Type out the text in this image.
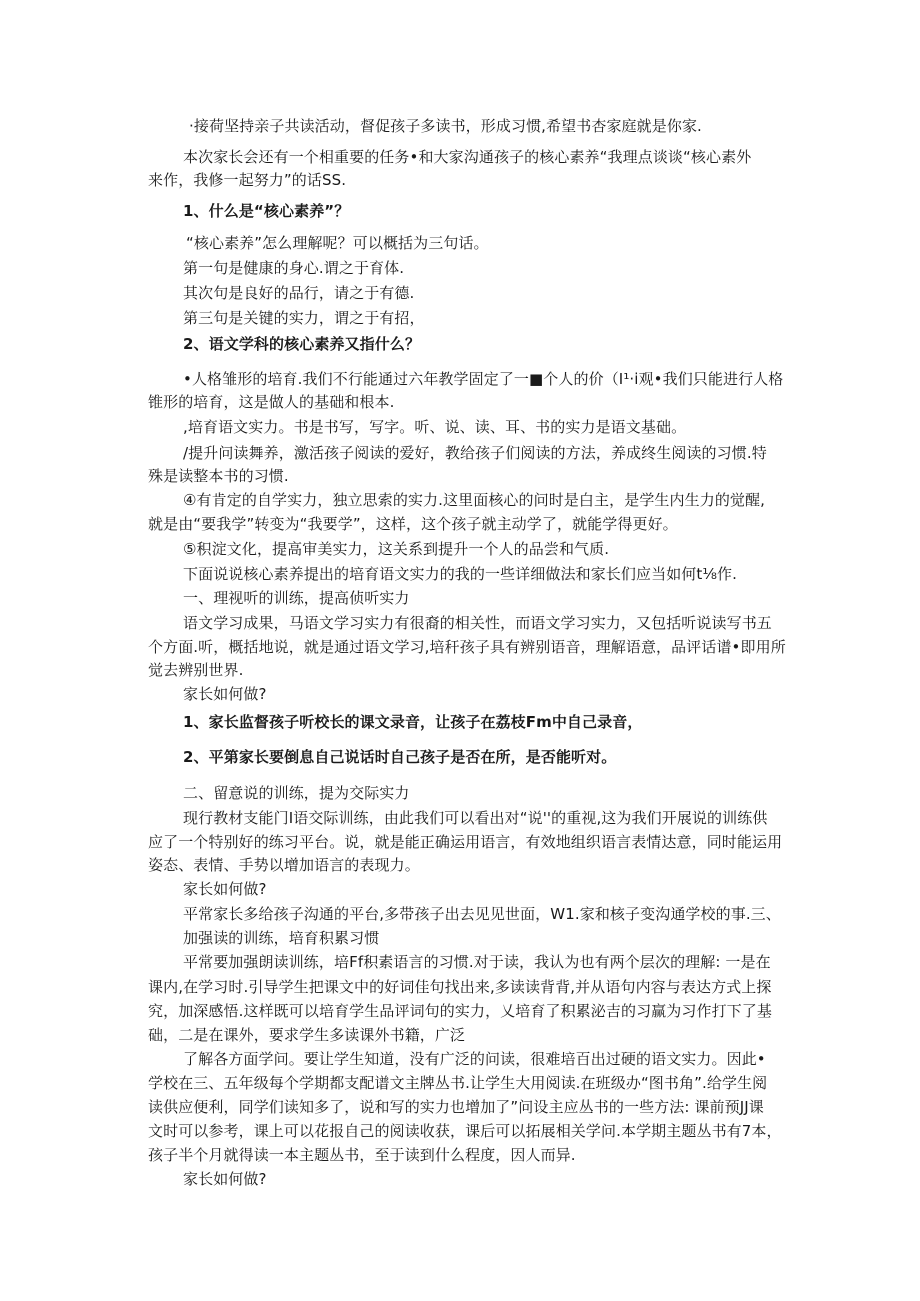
·接荷坚持亲子共读活动，督促孩子多读书，形成习惯,希望书杏家庭就是你家.
本次家长会还有一个相重要的任务•和大家沟通孩子的核心素养“我理点谈谈“核心素外
来作，我修一起努力”的话SS.
1、什么是“核心素养”？
“核心素养”怎么理解呢？可以概括为三句话。
第一句是健康的身心.谓之于育体.
其次句是良好的品行，请之于有德.
第三句是关键的实力，谓之于有招，
2、语文学科的核心素养又指什么？
•人格雏形的培育.我们不行能通过六年教学固定了一■个人的价（I¹·i观•我们只能进行人格
锥形的培育，这是做人的基础和根本.
,培育语文实力。书是书写，写字。听、说、读、耳、书的实力是语文基础。
/提升问读舞养，激活孩子阅读的爱好，教给孩子们阅读的方法，养成终生阅读的习惯.特
殊是读整本书的习惯.
④有肯定的自学实力，独立思索的实力.这里面核心的问时是白主，是学生内生力的觉醒,
就是由“要我学”转变为“我要学”，这样，这个孩子就主动学了，就能学得更好。
⑤积淀文化，提高审美实力，这关系到提升一个人的品尝和气质.
下面说说核心素养提出的培育语文实力的我的一些详细做法和家长们应当如何t⅛作.
一、理视听的训练，提高侦听实力
语文学习成果，马语文学习实力有很裔的相关性，而语文学习实力，又包括听说读写书五
个方面.听，概括地说，就是通过语文学习,培秆孩子具有辨别语音，理解语意，品评话谱•即用所
觉去辨别世界.
家长如何做?
1、家长监督孩子听校长的课文录音，让孩子在荔枝Fm中自己录音，
2、平第家长要倒息自己说话时自己孩子是否在所，是否能听对。
二、留意说的训练，提为交际实力
现行教材支能门I语交际训练，由此我们可以看出对“说''的重视,这为我们开展说的训练供
应了一个特别好的练习平台。说，就是能正确运用语言，有效地组织语言表情达意，同时能运用
姿态、表情、手势以增加语言的表现力。
家长如何做?
平常家长多给孩子沟通的平台,多带孩子出去见见世面，W1.家和核子变沟通学校的事.三、
加强读的训练，培育积累习惯
平常要加强朗读训练，培Ff积素语言的习惯.对于读，我认为也有两个层次的理解: 一是在
课内,在学习时.引导学生把课文中的好词佳句找出来,多读读背背,并从语句内容与表达方式上探
究，加深感悟.这样既可以培育学生品评词句的实力，乂培育了积累泌吉的习赢为习作打下了基
础，二是在课外，要求学生多读课外书籍，广泛
了解各方面学问。要让学生知道，没有广泛的问读，很难培百出过硬的语文实力。因此•
学校在三、五年级每个学期都支配谱文主牌丛书.让学生大用阅读.在班级办“图书角”.给学生阅
读供应便利，同学们读知多了，说和写的实力也增加了”问设主应丛书的一些方法: 课前预JJ课
文时可以参考，课上可以花报自己的阅读收获，课后可以拓展相关学问.本学期主题丛书有7本，
孩子半个月就得读一本主题丛书，至于读到什么程度，因人而异.
家长如何做?
